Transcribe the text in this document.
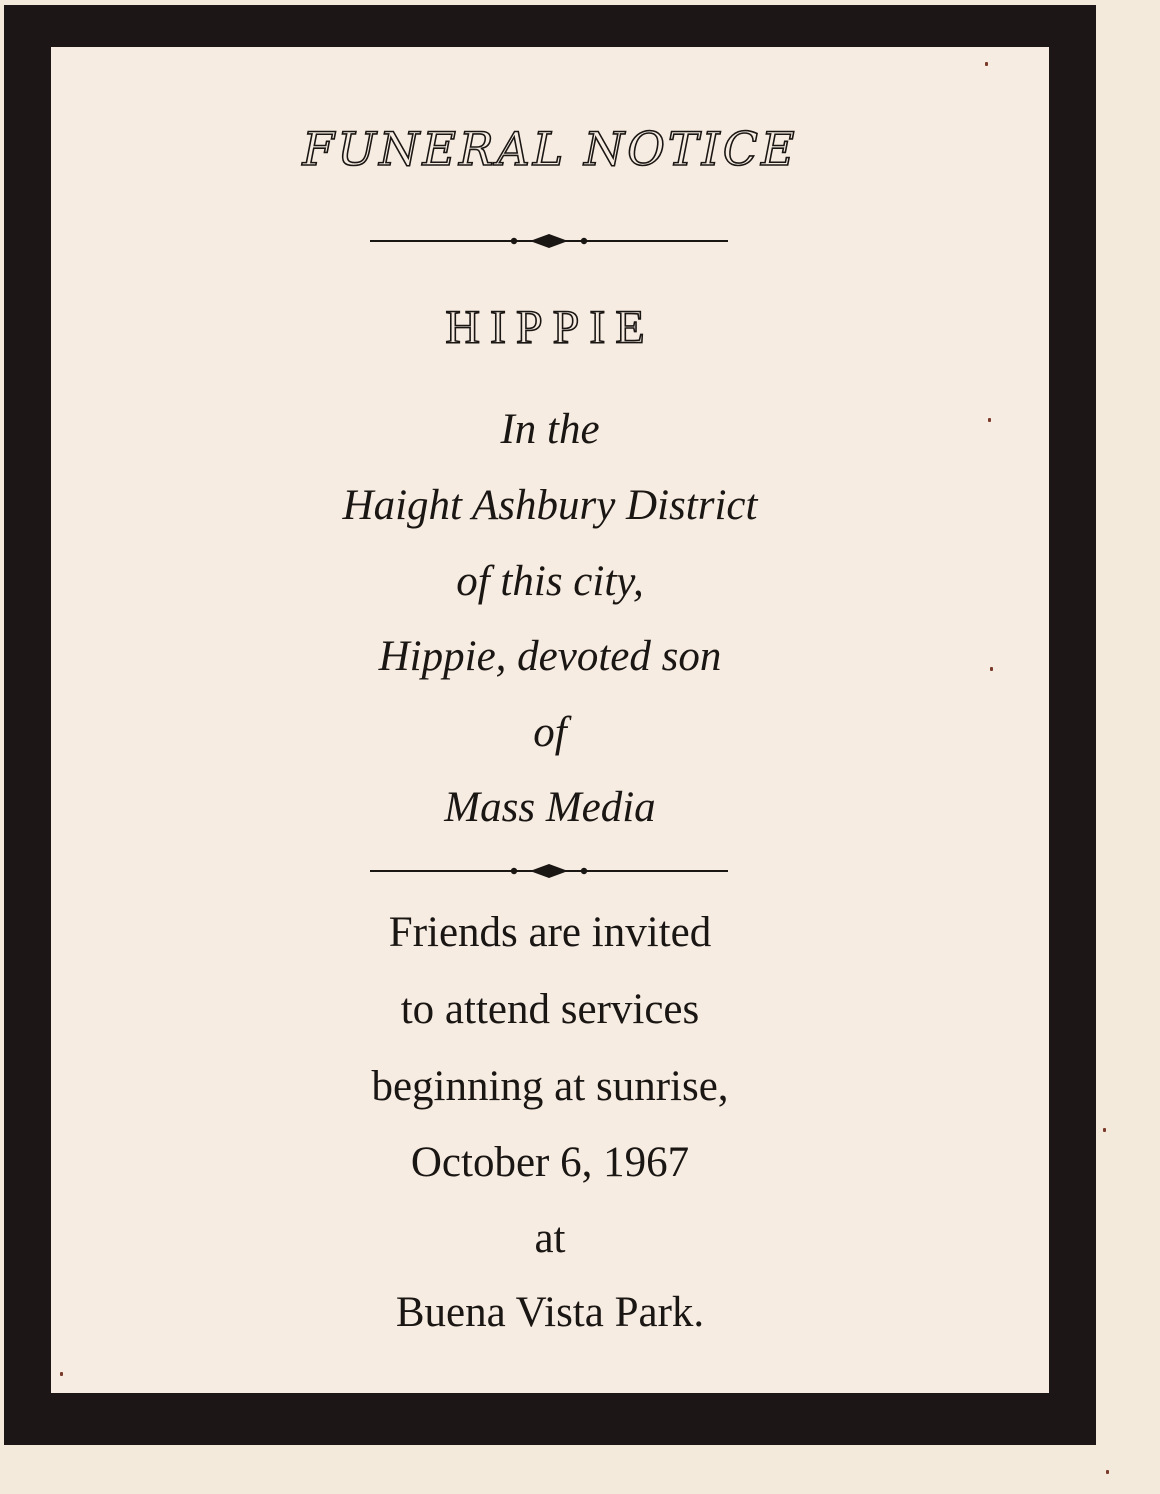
FUNERAL NOTICE
HIPPIE
In the
Haight Ashbury District
of this city,
Hippie, devoted son
of
Mass Media
Friends are invited
to attend services
beginning at sunrise,
October 6, 1967
at
Buena Vista Park.
